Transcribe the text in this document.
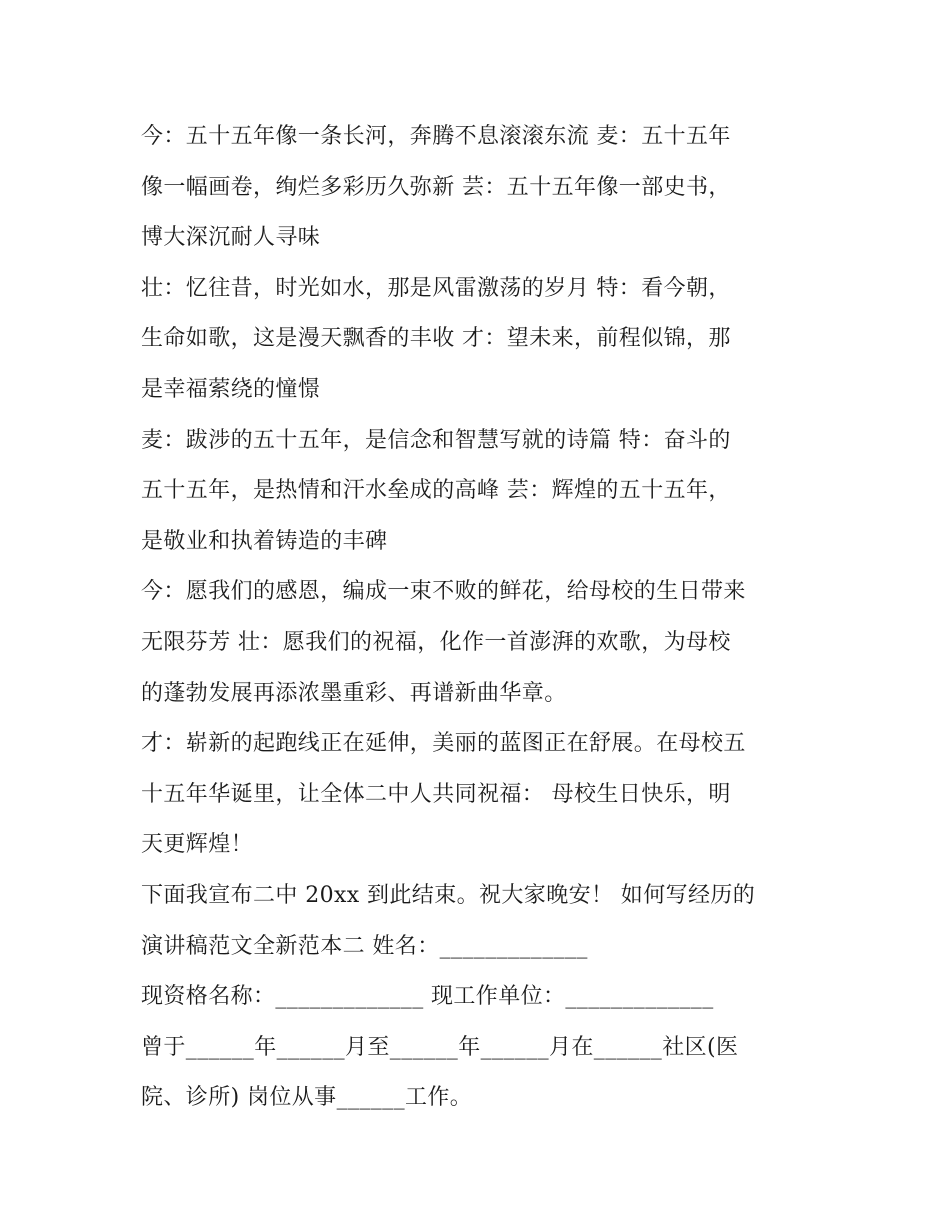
今：五十五年像一条长河，奔腾不息滚滚东流 麦：五十五年
像一幅画卷，绚烂多彩历久弥新 芸：五十五年像一部史书，
博大深沉耐人寻味
壮：忆往昔，时光如水，那是风雷激荡的岁月 特：看今朝，
生命如歌，这是漫天飘香的丰收 才：望未来，前程似锦，那
是幸福萦绕的憧憬
麦：跋涉的五十五年，是信念和智慧写就的诗篇 特：奋斗的
五十五年，是热情和汗水垒成的高峰 芸：辉煌的五十五年，
是敬业和执着铸造的丰碑
今：愿我们的感恩，编成一束不败的鲜花，给母校的生日带来
无限芬芳 壮：愿我们的祝福，化作一首澎湃的欢歌，为母校
的蓬勃发展再添浓墨重彩、再谱新曲华章。
才：崭新的起跑线正在延伸，美丽的蓝图正在舒展。在母校五
十五年华诞里，让全体二中人共同祝福： 母校生日快乐，明
天更辉煌！
下面我宣布二中 20xx 到此结束。祝大家晚安！ 如何写经历的
演讲稿范文全新范本二 姓名：_____________
现资格名称：_____________ 现工作单位：_____________
曾于______年______月至______年______月在______社区(医
院、诊所) 岗位从事______工作。
